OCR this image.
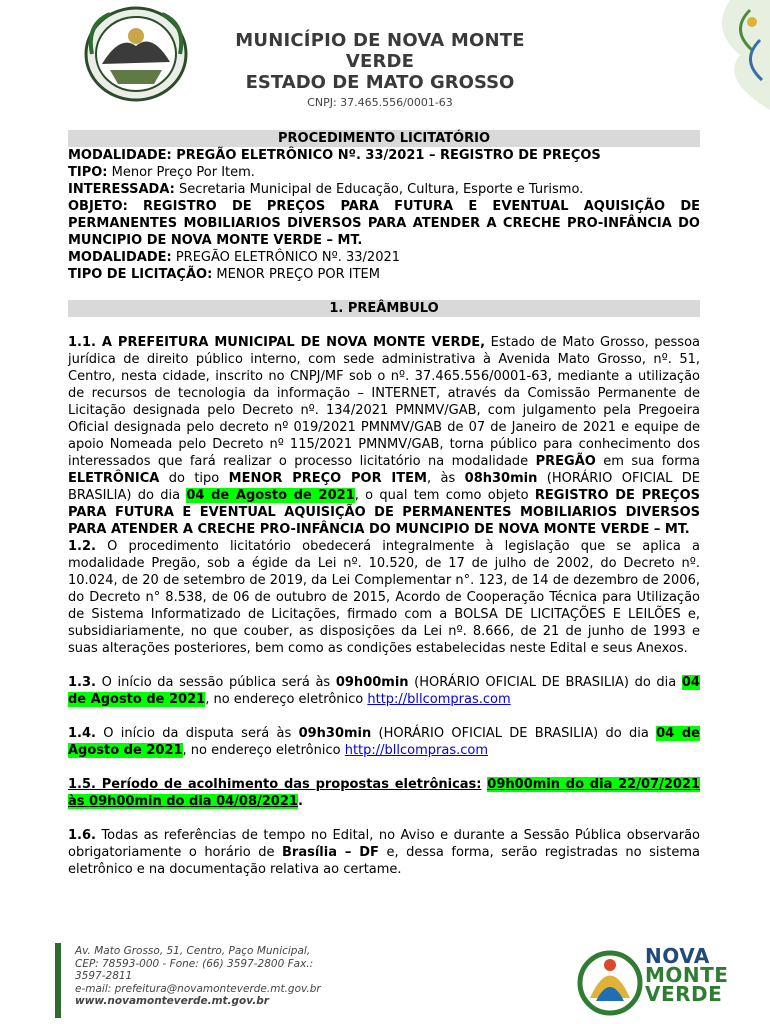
MUNICÍPIO DE NOVA MONTE VERDE
ESTADO DE MATO GROSSO
CNPJ: 37.465.556/0001-63
PROCEDIMENTO LICITATÓRIO
MODALIDADE: PREGÃO ELETRÔNICO Nº. 33/2021 – REGISTRO DE PREÇOS
TIPO: Menor Preço Por Item.
INTERESSADA: Secretaria Municipal de Educação, Cultura, Esporte e Turismo.
OBJETO: REGISTRO DE PREÇOS PARA FUTURA E EVENTUAL AQUISIÇÃO DE PERMANENTES MOBILIARIOS DIVERSOS PARA ATENDER A CRECHE PRO-INFÂNCIA DO MUNCIPIO DE NOVA MONTE VERDE – MT.
MODALIDADE: PREGÃO ELETRÔNICO Nº. 33/2021
TIPO DE LICITAÇÃO: MENOR PREÇO POR ITEM
1. PREÂMBULO
1.1. A PREFEITURA MUNICIPAL DE NOVA MONTE VERDE, Estado de Mato Grosso, pessoa jurídica de direito público interno, com sede administrativa à Avenida Mato Grosso, nº. 51, Centro, nesta cidade, inscrito no CNPJ/MF sob o nº. 37.465.556/0001-63, mediante a utilização de recursos de tecnologia da informação – INTERNET, através da Comissão Permanente de Licitação designada pelo Decreto nº. 134/2021 PMNMV/GAB, com julgamento pela Pregoeira Oficial designada pelo decreto nº 019/2021 PMNMV/GAB de 07 de Janeiro de 2021 e equipe de apoio Nomeada pelo Decreto nº 115/2021 PMNMV/GAB, torna público para conhecimento dos interessados que fará realizar o processo licitatório na modalidade PREGÃO em sua forma ELETRÔNICA do tipo MENOR PREÇO POR ITEM, às 08h30min (HORÁRIO OFICIAL DE BRASILIA) do dia 04 de Agosto de 2021, o qual tem como objeto REGISTRO DE PREÇOS PARA FUTURA E EVENTUAL AQUISIÇÃO DE PERMANENTES MOBILIARIOS DIVERSOS PARA ATENDER A CRECHE PRO-INFÂNCIA DO MUNCIPIO DE NOVA MONTE VERDE – MT.
1.2. O procedimento licitatório obedecerá integralmente à legislação que se aplica a modalidade Pregão, sob a égide da Lei nº. 10.520, de 17 de julho de 2002, do Decreto nº. 10.024, de 20 de setembro de 2019, da Lei Complementar n°. 123, de 14 de dezembro de 2006, do Decreto n° 8.538, de 06 de outubro de 2015, Acordo de Cooperação Técnica para Utilização de Sistema Informatizado de Licitações, firmado com a BOLSA DE LICITAÇÕES E LEILÕES e, subsidiariamente, no que couber, as disposições da Lei nº. 8.666, de 21 de junho de 1993 e suas alterações posteriores, bem como as condições estabelecidas neste Edital e seus Anexos.
1.3. O início da sessão pública será às 09h00min (HORÁRIO OFICIAL DE BRASILIA) do dia 04 de Agosto de 2021, no endereço eletrônico http://bllcompras.com
1.4. O início da disputa será às 09h30min (HORÁRIO OFICIAL DE BRASILIA) do dia 04 de Agosto de 2021, no endereço eletrônico http://bllcompras.com
1.5. Período de acolhimento das propostas eletrônicas: 09h00min do dia 22/07/2021 às 09h00min do dia 04/08/2021.
1.6. Todas as referências de tempo no Edital, no Aviso e durante a Sessão Pública observarão obrigatoriamente o horário de Brasília – DF e, dessa forma, serão registradas no sistema eletrônico e na documentação relativa ao certame.
Av. Mato Grosso, 51, Centro, Paço Municipal,
CEP: 78593-000 - Fone: (66) 3597-2800 Fax.:
3597-2811
e-mail: prefeitura@novamonteverde.mt.gov.br
www.novamonteverde.mt.gov.br
NOVA
MONTE
VERDE
